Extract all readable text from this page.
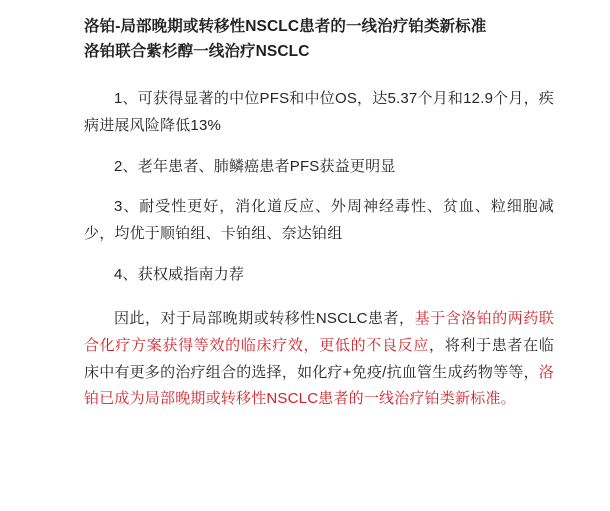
洛铂-局部晚期或转移性NSCLC患者的一线治疗铂类新标准
洛铂联合紫杉醇一线治疗NSCLC

1、可获得显著的中位PFS和中位OS，达5.37个月和12.9个月，疾病进展风险降低13%

2、老年患者、肺鳞癌患者PFS获益更明显

3、耐受性更好，消化道反应、外周神经毒性、贫血、粒细胞减少，均优于顺铂组、卡铂组、奈达铂组

4、获权威指南力荐

因此，对于局部晚期或转移性NSCLC患者，基于含洛铂的两药联合化疗方案获得等效的临床疗效，更低的不良反应，将利于患者在临床中有更多的治疗组合的选择，如化疗+免疫/抗血管生成药物等等，洛铂已成为局部晚期或转移性NSCLC患者的一线治疗铂类新标准。
